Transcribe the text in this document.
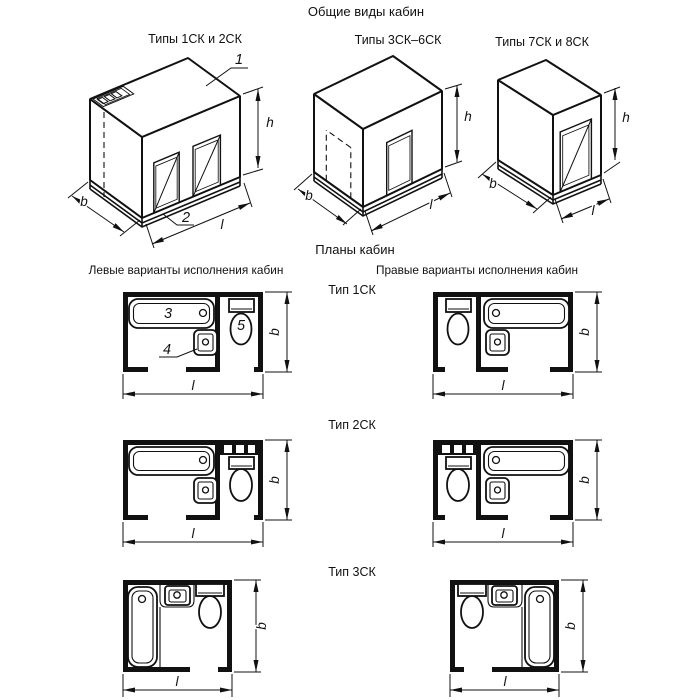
Общие виды кабин
Типы 1СК и 2СК
1
2
b
l
h
Типы 3СК–6СК
b
l
h
Типы 7СК и 8СК
b
l
h
Планы кабин
Левые варианты исполнения кабин	Правые варианты исполнения кабин
Тип 1СК
Тип 2СК
Тип 3СК
3
5
4
b
l
b
l
b
l
b
l
b
l
b
l
